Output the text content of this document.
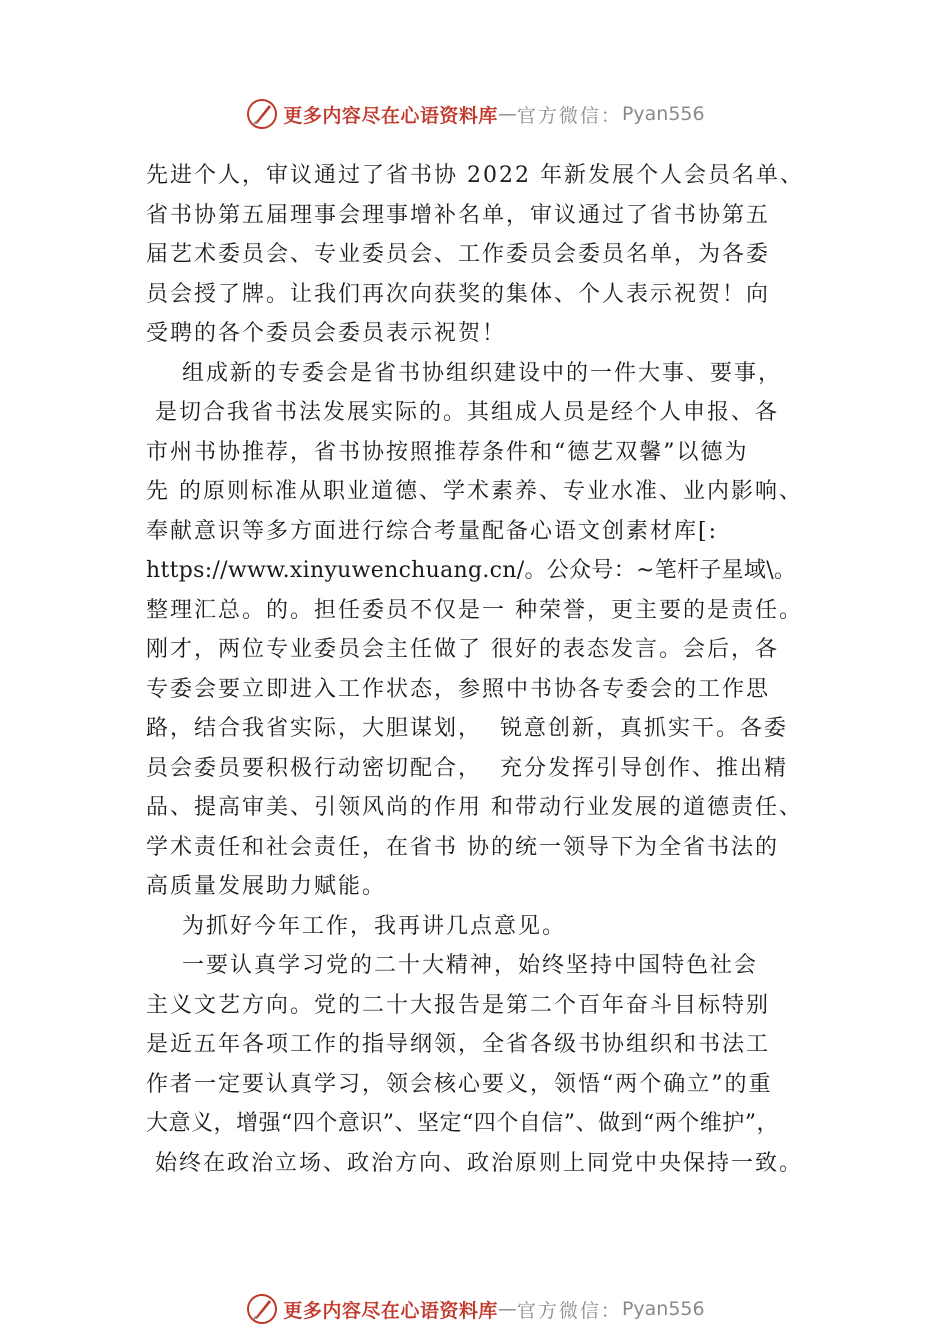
更多内容尽在心语资料库 — 官方微信： Pyan556
先进个人，审议通过了省书协 2022 年新发展个人会员名单、
省书协第五届理事会理事增补名单，审议通过了省书协第五
届艺术委员会、专业委员会、工作委员会委员名单，为各委
员会授了牌。让我们再次向获奖的集体、个人表示祝贺！向
受聘的各个委员会委员表示祝贺！
组成新的专委会是省书协组织建设中的一件大事、要事，
是切合我省书法发展实际的。其组成人员是经个人申报、各
市州书协推荐，省书协按照推荐条件和“德艺双馨”以德为
先 的原则标准从职业道德、学术素养、专业水准、业内影响、
奉献意识等多方面进行综合考量配备心语文创素材库[:
https://www.xinyuwenchuang.cn/。公众号：~笔杆子星域\。
整理汇总。的。担任委员不仅是一 种荣誉，更主要的是责任。
刚才，两位专业委员会主任做了 很好的表态发言。会后，各
专委会要立即进入工作状态，参照中书协各专委会的工作思
路，结合我省实际，大胆谋划，  锐意创新，真抓实干。各委
员会委员要积极行动密切配合，  充分发挥引导创作、推出精
品、提高审美、引领风尚的作用 和带动行业发展的道德责任、
学术责任和社会责任，在省书 协的统一领导下为全省书法的
高质量发展助力赋能。
为抓好今年工作，我再讲几点意见。
一要认真学习党的二十大精神，始终坚持中国特色社会
主义文艺方向。党的二十大报告是第二个百年奋斗目标特别
是近五年各项工作的指导纲领，全省各级书协组织和书法工
作者一定要认真学习，领会核心要义，领悟“两个确立”的重
大意义，增强“四个意识”、坚定“四个自信”、做到“两个维护”，
始终在政治立场、政治方向、政治原则上同党中央保持一致。
更多内容尽在心语资料库 — 官方微信： Pyan556
